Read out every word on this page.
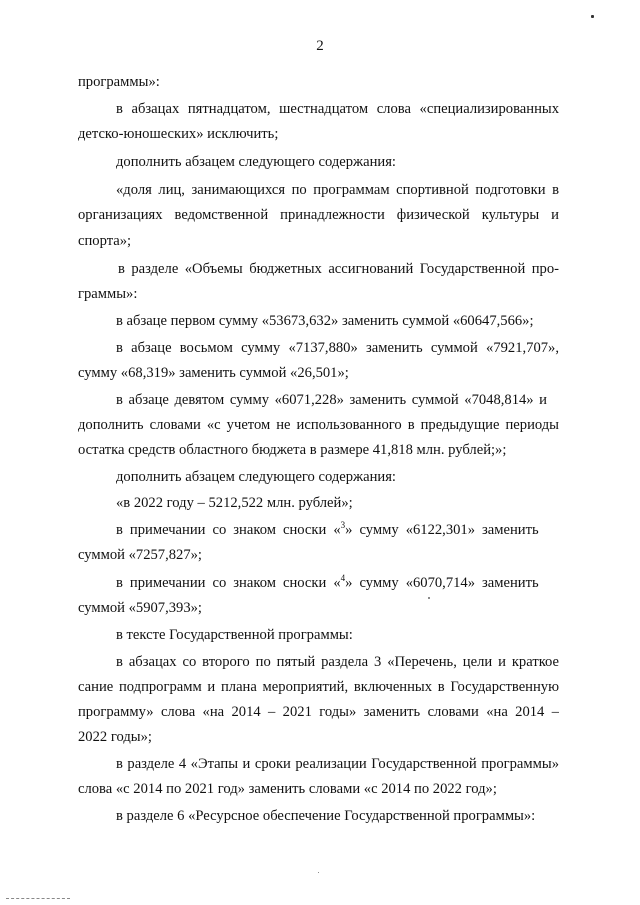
2
программы»:
в абзацах пятнадцатом, шестнадцатом слова «специализированных
детско-юношеских» исключить;
дополнить абзацем следующего содержания:
«доля лиц, занимающихся по программам спортивной подготовки в
организациях ведомственной принадлежности физической культуры и
спорта»;
в разделе «Объемы бюджетных ассигнований Государственной про-
граммы»:
в абзаце первом сумму «53673,632» заменить суммой «60647,566»;
в абзаце восьмом сумму «7137,880» заменить суммой «7921,707»,
сумму «68,319» заменить суммой «26,501»;
в абзаце девятом сумму «6071,228» заменить суммой «7048,814» и
дополнить словами «с учетом не использованного в предыдущие периоды
остатка средств областного бюджета в размере 41,818 млн. рублей;»;
дополнить абзацем следующего содержания:
«в 2022 году – 5212,522 млн. рублей»;
в примечании со знаком сноски «$^3$» сумму «6122,301» заменить
суммой «7257,827»;
в примечании со знаком сноски «$^4$» сумму «6070,714» заменить
суммой «5907,393»;
в тексте Государственной программы:
в абзацах со второго по пятый раздела 3 «Перечень, цели и краткое
сание подпрограмм и плана мероприятий, включенных в Государственную
программу» слова «на 2014 – 2021 годы» заменить словами «на 2014 –
2022 годы»;
в разделе 4 «Этапы и сроки реализации Государственной программы»
слова «с 2014 по 2021 год» заменить словами «с 2014 по 2022 год»;
в разделе 6 «Ресурсное обеспечение Государственной программы»:
